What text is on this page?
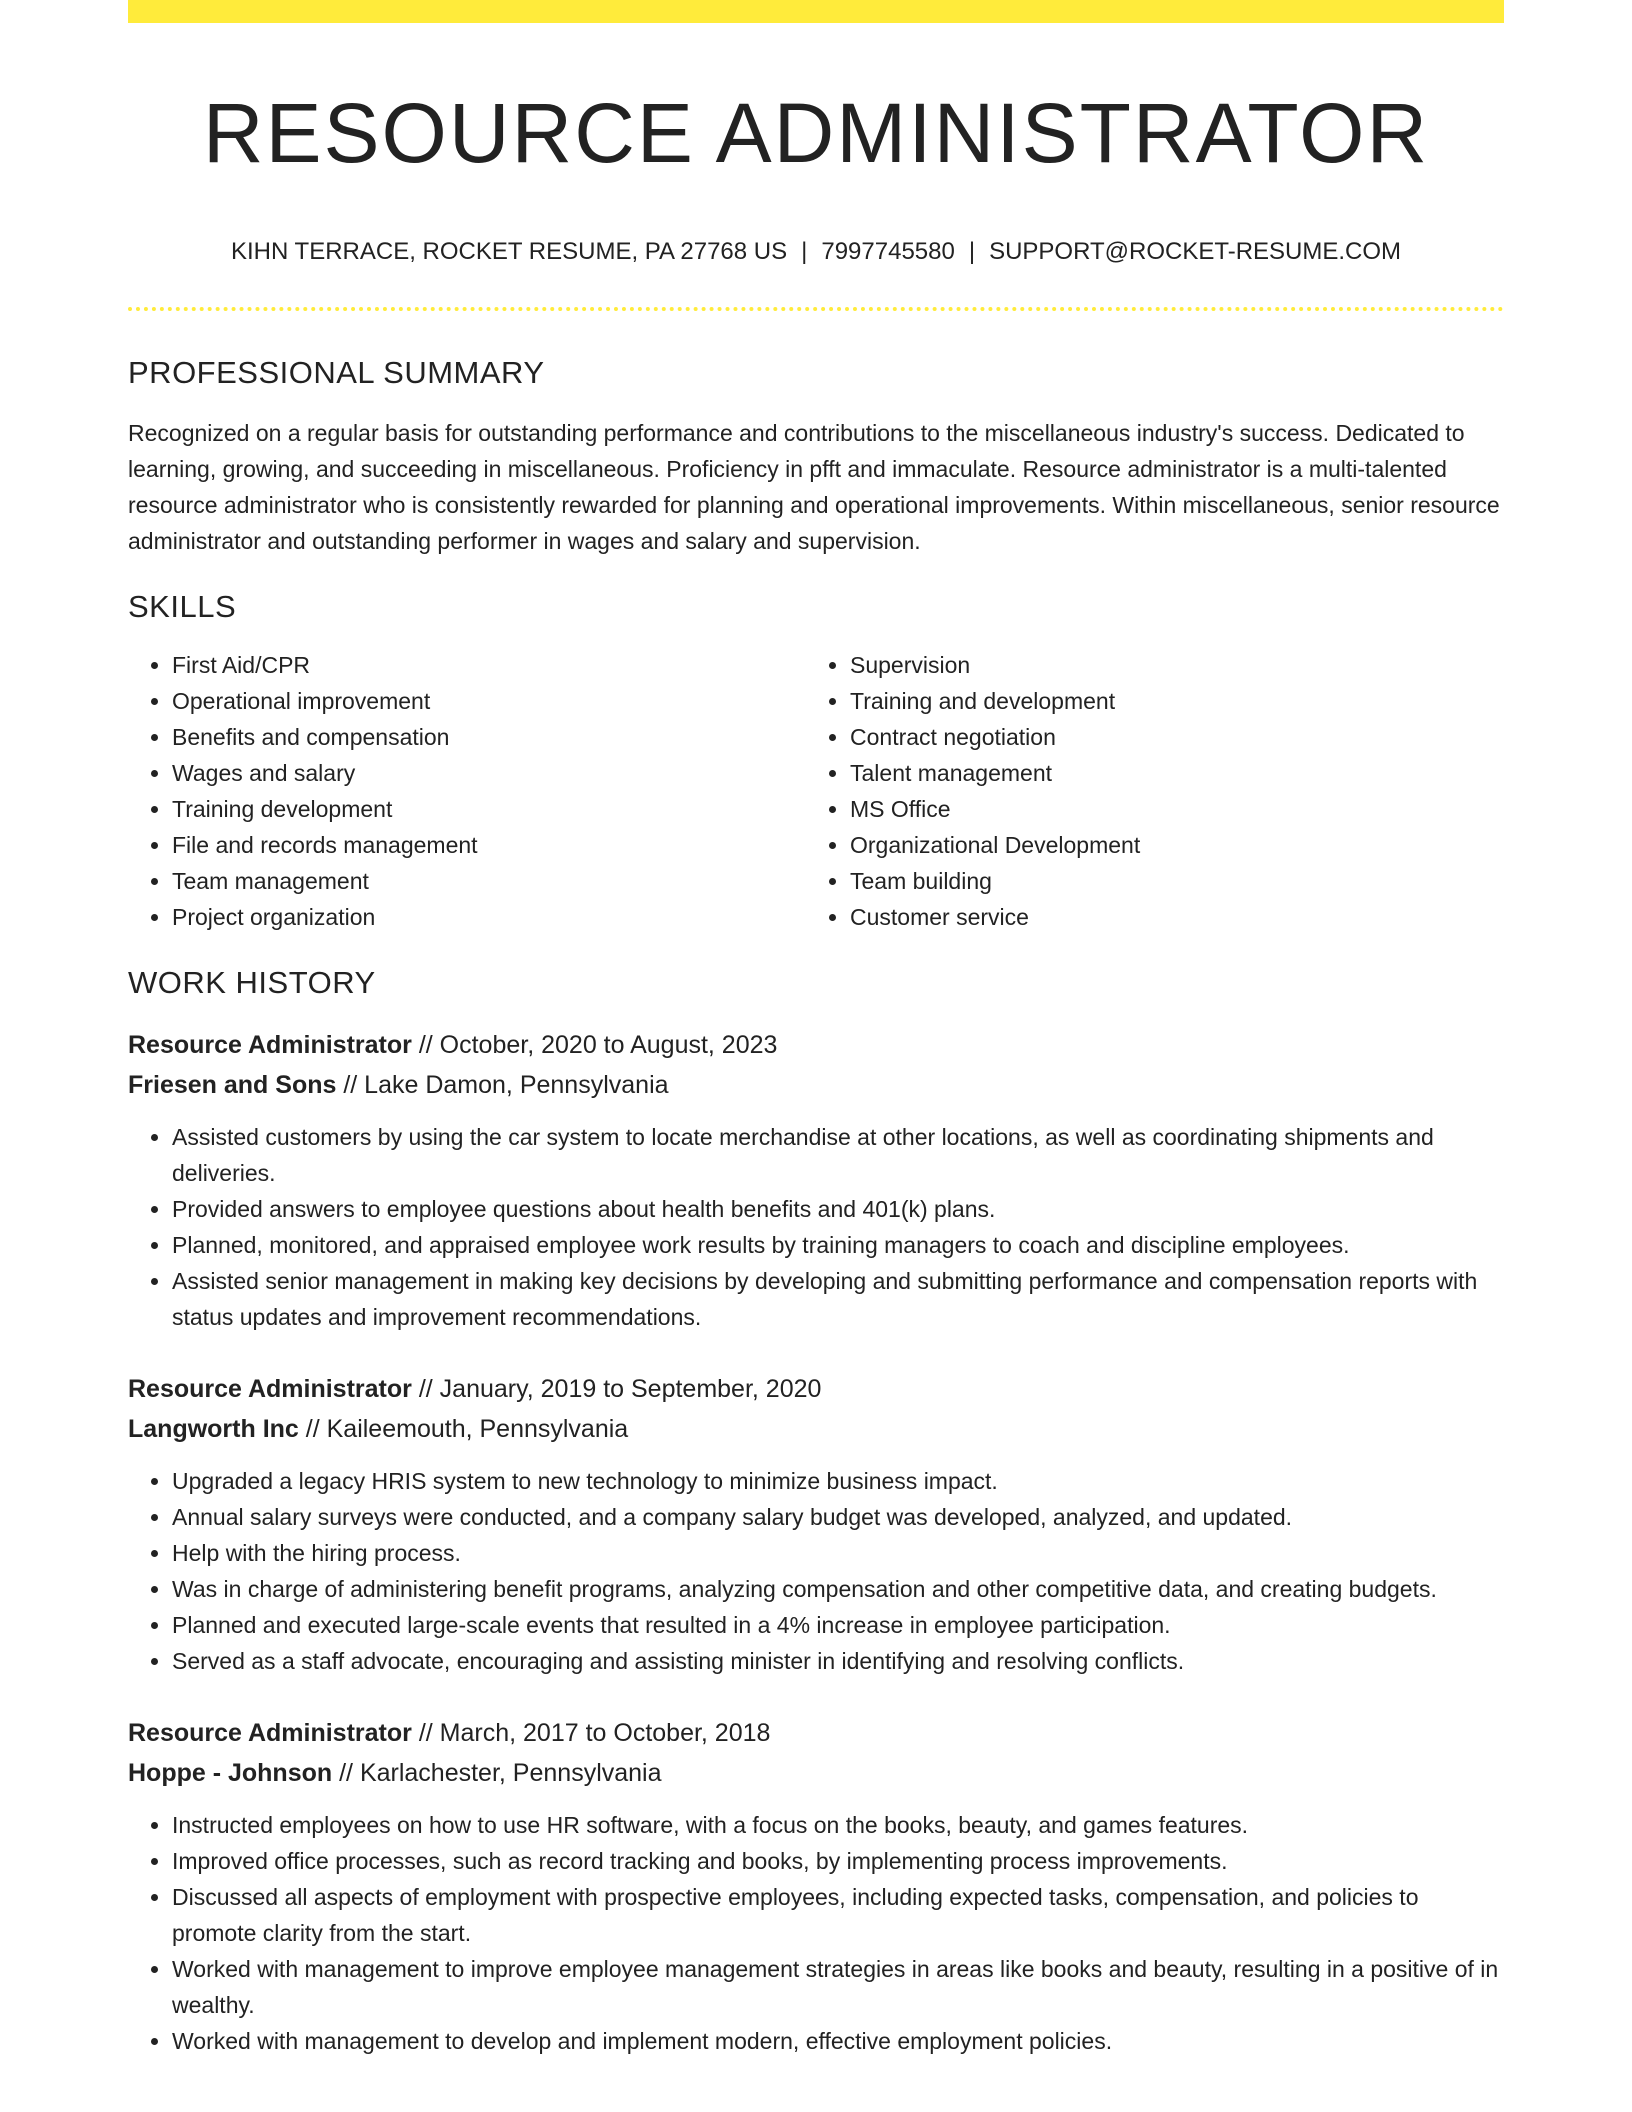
RESOURCE ADMINISTRATOR
KIHN TERRACE, ROCKET RESUME, PA 27768 US | 7997745580 | SUPPORT@ROCKET-RESUME.COM
PROFESSIONAL SUMMARY
Recognized on a regular basis for outstanding performance and contributions to the miscellaneous industry's success. Dedicated to learning, growing, and succeeding in miscellaneous. Proficiency in pfft and immaculate. Resource administrator is a multi-talented resource administrator who is consistently rewarded for planning and operational improvements. Within miscellaneous, senior resource administrator and outstanding performer in wages and salary and supervision.
SKILLS
• First Aid/CPR
• Operational improvement
• Benefits and compensation
• Wages and salary
• Training development
• File and records management
• Team management
• Project organization
• Supervision
• Training and development
• Contract negotiation
• Talent management
• MS Office
• Organizational Development
• Team building
• Customer service
WORK HISTORY
Resource Administrator // October, 2020 to August, 2023
Friesen and Sons // Lake Damon, Pennsylvania
• Assisted customers by using the car system to locate merchandise at other locations, as well as coordinating shipments and deliveries.
• Provided answers to employee questions about health benefits and 401(k) plans.
• Planned, monitored, and appraised employee work results by training managers to coach and discipline employees.
• Assisted senior management in making key decisions by developing and submitting performance and compensation reports with status updates and improvement recommendations.
Resource Administrator // January, 2019 to September, 2020
Langworth Inc // Kaileemouth, Pennsylvania
• Upgraded a legacy HRIS system to new technology to minimize business impact.
• Annual salary surveys were conducted, and a company salary budget was developed, analyzed, and updated.
• Help with the hiring process.
• Was in charge of administering benefit programs, analyzing compensation and other competitive data, and creating budgets.
• Planned and executed large-scale events that resulted in a 4% increase in employee participation.
• Served as a staff advocate, encouraging and assisting minister in identifying and resolving conflicts.
Resource Administrator // March, 2017 to October, 2018
Hoppe - Johnson // Karlachester, Pennsylvania
• Instructed employees on how to use HR software, with a focus on the books, beauty, and games features.
• Improved office processes, such as record tracking and books, by implementing process improvements.
• Discussed all aspects of employment with prospective employees, including expected tasks, compensation, and policies to promote clarity from the start.
• Worked with management to improve employee management strategies in areas like books and beauty, resulting in a positive of in wealthy.
• Worked with management to develop and implement modern, effective employment policies.
